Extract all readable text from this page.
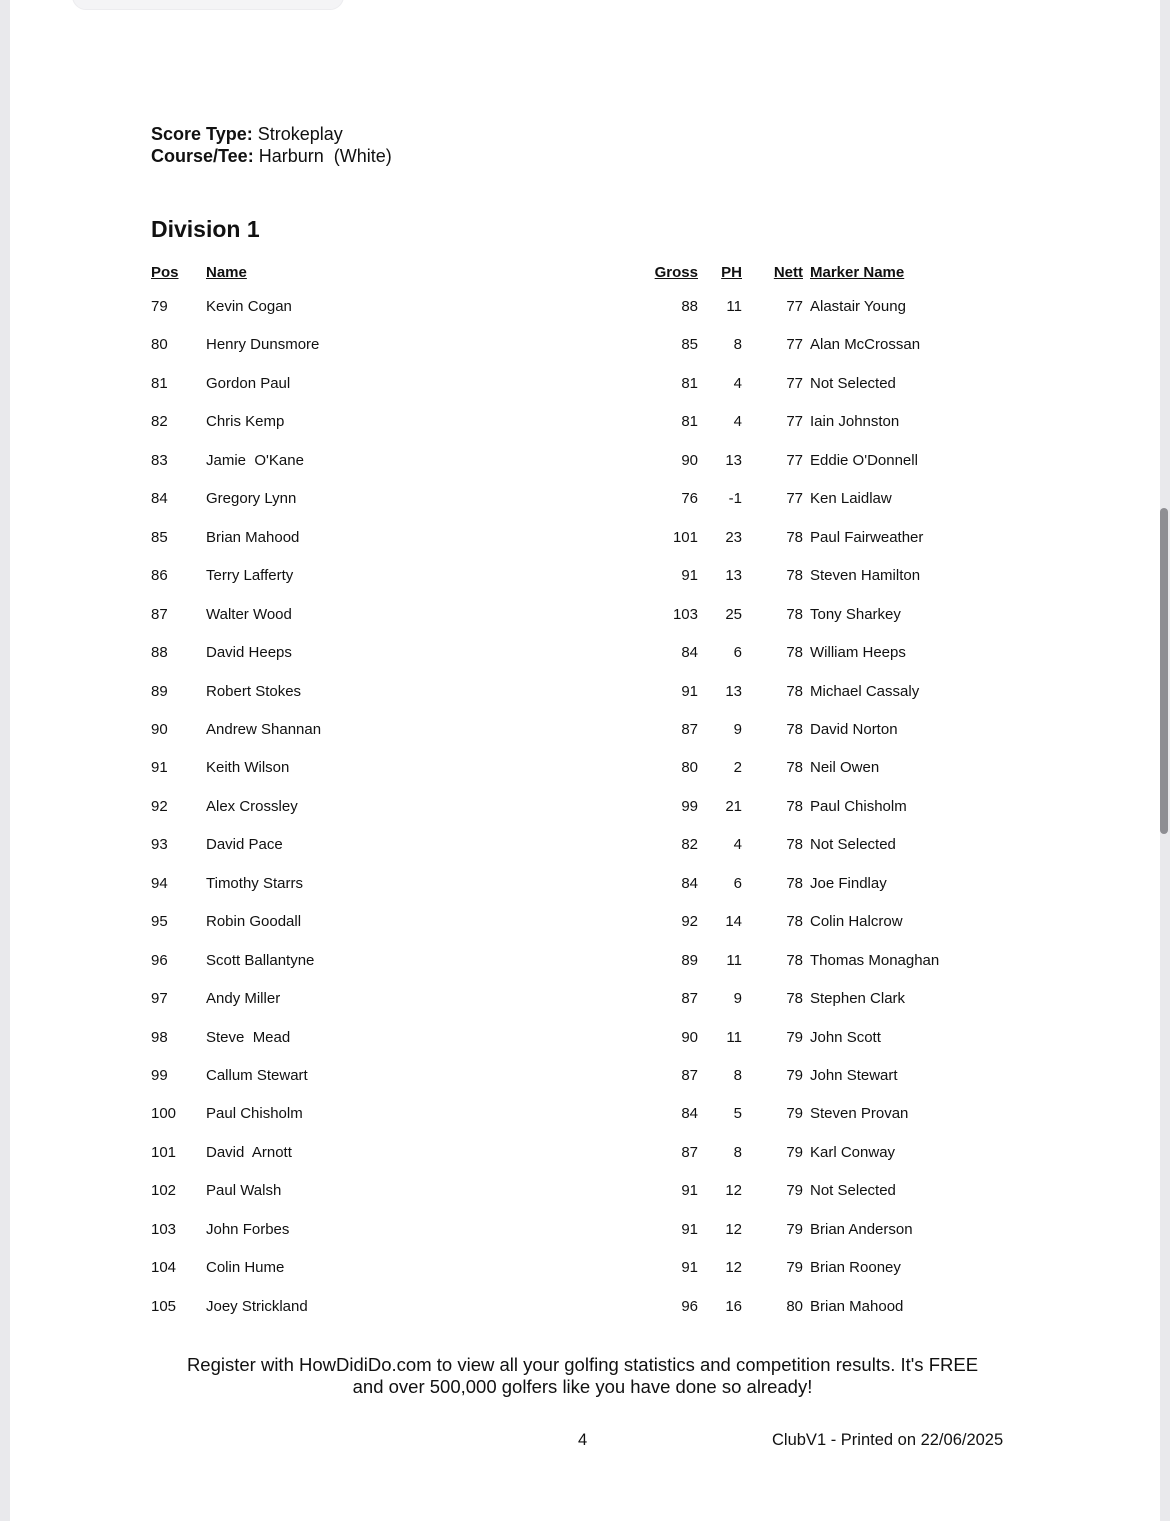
Score Type: Strokeplay
Course/Tee: Harburn  (White)
Division 1
Pos Name	Gross	PH	Nett Marker Name
79	Kevin Cogan	88	11	77 Alastair Young
80	Henry Dunsmore	85	8	77 Alan McCrossan
81	Gordon Paul	81	4	77 Not Selected
82	Chris Kemp	81	4	77 Iain Johnston
83	Jamie  O'Kane	90	13	77 Eddie O'Donnell
84	Gregory Lynn	76	-1	77 Ken Laidlaw
85	Brian Mahood	101	23	78 Paul Fairweather
86	Terry Lafferty	91	13	78 Steven Hamilton
87	Walter Wood	103	25	78 Tony Sharkey
88	David Heeps	84	6	78 William Heeps
89	Robert Stokes	91	13	78 Michael Cassaly
90	Andrew Shannan	87	9	78 David Norton
91	Keith Wilson	80	2	78 Neil Owen
92	Alex Crossley	99	21	78 Paul Chisholm
93	David Pace	82	4	78 Not Selected
94	Timothy Starrs	84	6	78 Joe Findlay
95	Robin Goodall	92	14	78 Colin Halcrow
96	Scott Ballantyne	89	11	78 Thomas Monaghan
97	Andy Miller	87	9	78 Stephen Clark
98	Steve  Mead	90	11	79 John Scott
99	Callum Stewart	87	8	79 John Stewart
100 Paul Chisholm	84	5	79 Steven Provan
101 David  Arnott	87	8	79 Karl Conway
102 Paul Walsh	91	12	79 Not Selected
103 John Forbes	91	12	79 Brian Anderson
104 Colin Hume	91	12	79 Brian Rooney
105 Joey Strickland	96	16	80 Brian Mahood
Register with HowDidiDo.com to view all your golfing statistics and competition results. It's FREE
and over 500,000 golfers like you have done so already!
4	ClubV1 - Printed on 22/06/2025
